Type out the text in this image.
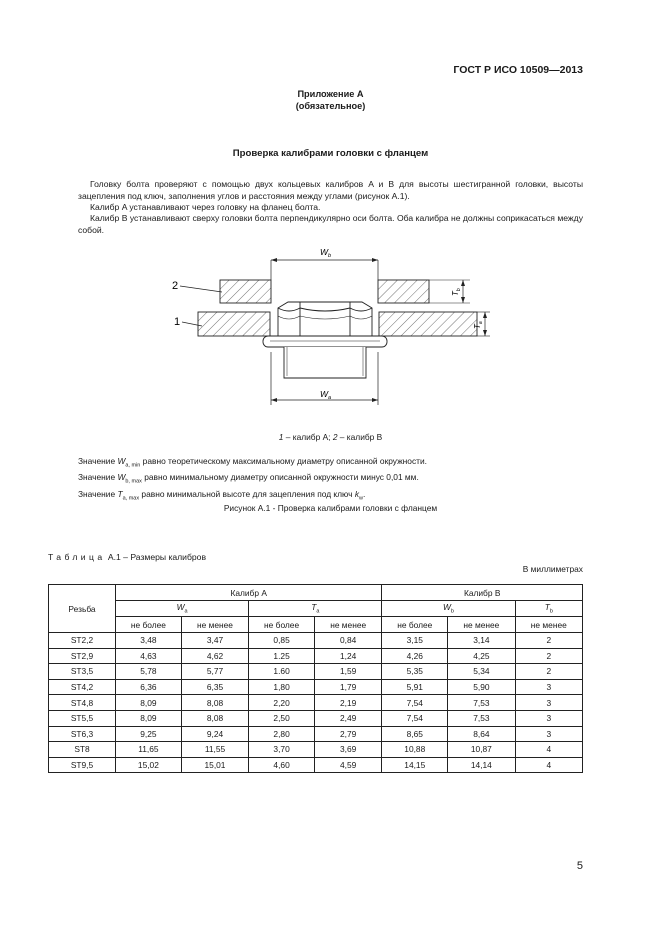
ГОСТ Р ИСО 10509—2013
Приложение А
(обязательное)
Проверка калибрами головки с фланцем
Головку болта проверяют с помощью двух кольцевых калибров A и B для высоты шестигранной головки, высоты зацепления под ключ, заполнения углов и расстояния между углами (рисунок А.1).
Калибр A устанавливают через головку на фланец болта.
Калибр В устанавливают сверху головки болта перпендикулярно оси болта. Оба калибра не должны соприкасаться между собой.
$W_b$
$W_a$
$T_b$
$T_a$
2
1
1 – калибр A; 2 – калибр B
Значение $W_{a, min}$ равно теоретическому максимальному диаметру описанной окружности.
Значение $W_{b, max}$ равно минимальному диаметру описанной окружности минус 0,01 мм.
Значение $T_{a, max}$ равно минимальной высоте для зацепления под ключ $k_w$.
Рисунок А.1 - Проверка калибрами головки с фланцем
Таблица А.1 – Размеры калибров
В миллиметрах
Резьба	Калибр A				Калибр B		
	$W_a$		$T_a$		$W_b$		$T_b$
	не более	не менее	не более	не менее	не более	не менее	не менее
ST2,2	3,48	3,47	0,85	0,84	3,15	3,14	2
ST2,9	4,63	4,62	1.25	1,24	4,26	4,25	2
ST3,5	5,78	5,77	1.60	1,59	5,35	5,34	2
ST4,2	6,36	6,35	1,80	1,79	5,91	5,90	3
ST4,8	8,09	8,08	2,20	2,19	7,54	7,53	3
ST5,5	8,09	8,08	2,50	2,49	7,54	7,53	3
ST6,3	9,25	9,24	2,80	2,79	8,65	8,64	3
ST8	11,65	11,55	3,70	3,69	10,88	10,87	4
ST9,5	15,02	15,01	4,60	4,59	14,15	14,14	4
5
